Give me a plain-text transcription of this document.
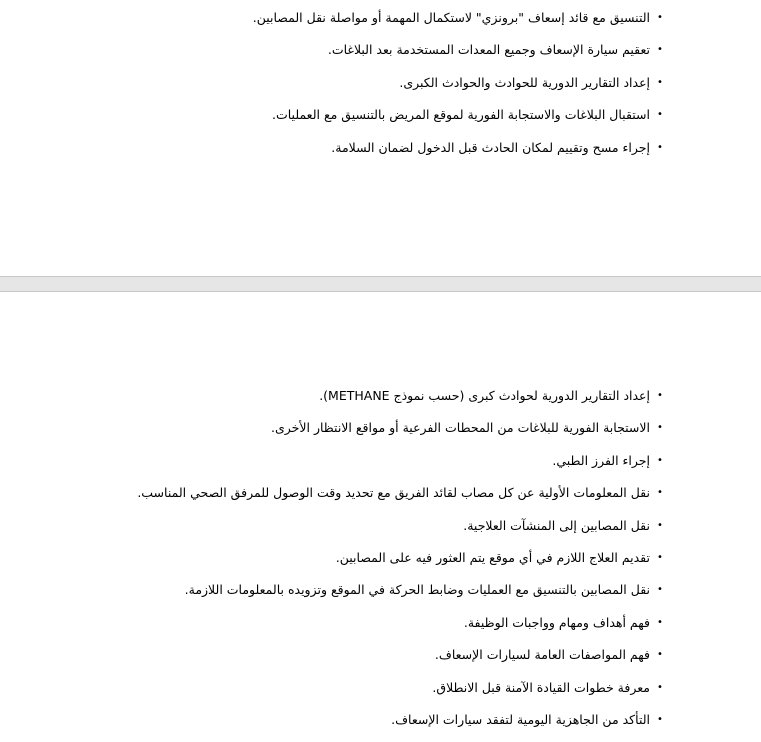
•
التنسيق مع قائد إسعاف "برونزي" لاستكمال المهمة أو مواصلة نقل المصابين.
•
تعقيم سيارة الإسعاف وجميع المعدات المستخدمة بعد البلاغات.
•
إعداد التقارير الدورية للحوادث والحوادث الكبرى.
•
استقبال البلاغات والاستجابة الفورية لموقع المريض بالتنسيق مع العمليات.
•
إجراء مسح وتقييم لمكان الحادث قبل الدخول لضمان السلامة.
•
إعداد التقارير الدورية لحوادث كبرى (حسب نموذج METHANE).
•
الاستجابة الفورية للبلاغات من المحطات الفرعية أو مواقع الانتظار الأخرى.
•
إجراء الفرز الطبي.
•
نقل المعلومات الأولية عن كل مصاب لقائد الفريق مع تحديد وقت الوصول للمرفق الصحي المناسب.
•
نقل المصابين إلى المنشآت العلاجية.
•
تقديم العلاج اللازم في أي موقع يتم العثور فيه على المصابين.
•
نقل المصابين بالتنسيق مع العمليات وضابط الحركة في الموقع وتزويده بالمعلومات اللازمة.
•
فهم أهداف ومهام وواجبات الوظيفة.
•
فهم المواصفات العامة لسيارات الإسعاف.
•
معرفة خطوات القيادة الآمنة قبل الانطلاق.
•
التأكد من الجاهزية اليومية لتفقد سيارات الإسعاف.
